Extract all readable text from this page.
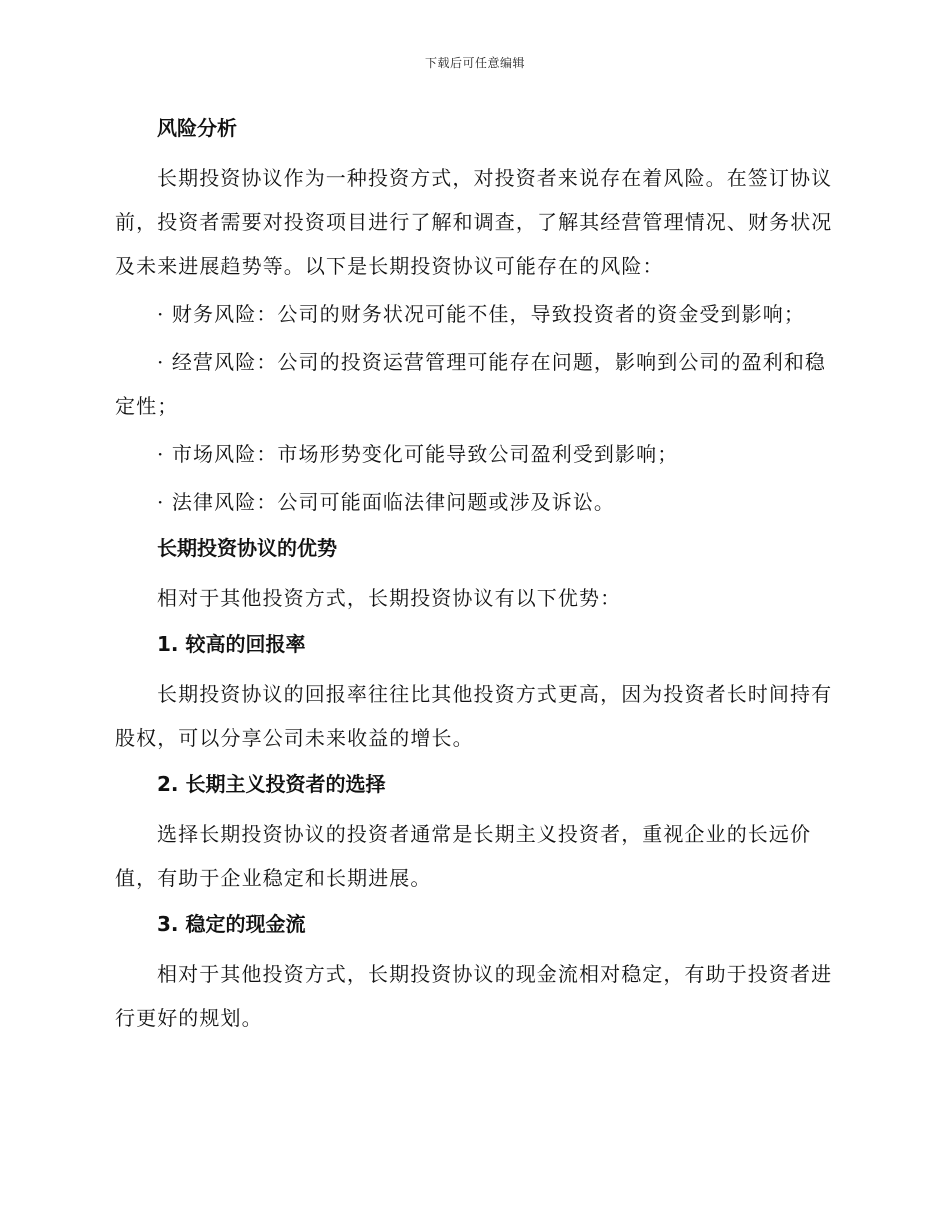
下载后可任意编辑
风险分析

长期投资协议作为一种投资方式，对投资者来说存在着风险。在签订协议前，投资者需要对投资项目进行了解和调查，了解其经营管理情况、财务状况及未来进展趋势等。以下是长期投资协议可能存在的风险：

· 财务风险：公司的财务状况可能不佳，导致投资者的资金受到影响；

· 经营风险：公司的投资运营管理可能存在问题，影响到公司的盈利和稳定性；

· 市场风险：市场形势变化可能导致公司盈利受到影响；

· 法律风险：公司可能面临法律问题或涉及诉讼。

长期投资协议的优势

相对于其他投资方式，长期投资协议有以下优势：

1. 较高的回报率

长期投资协议的回报率往往比其他投资方式更高，因为投资者长时间持有股权，可以分享公司未来收益的增长。

2. 长期主义投资者的选择

选择长期投资协议的投资者通常是长期主义投资者，重视企业的长远价值，有助于企业稳定和长期进展。

3. 稳定的现金流

相对于其他投资方式，长期投资协议的现金流相对稳定，有助于投资者进行更好的规划。
